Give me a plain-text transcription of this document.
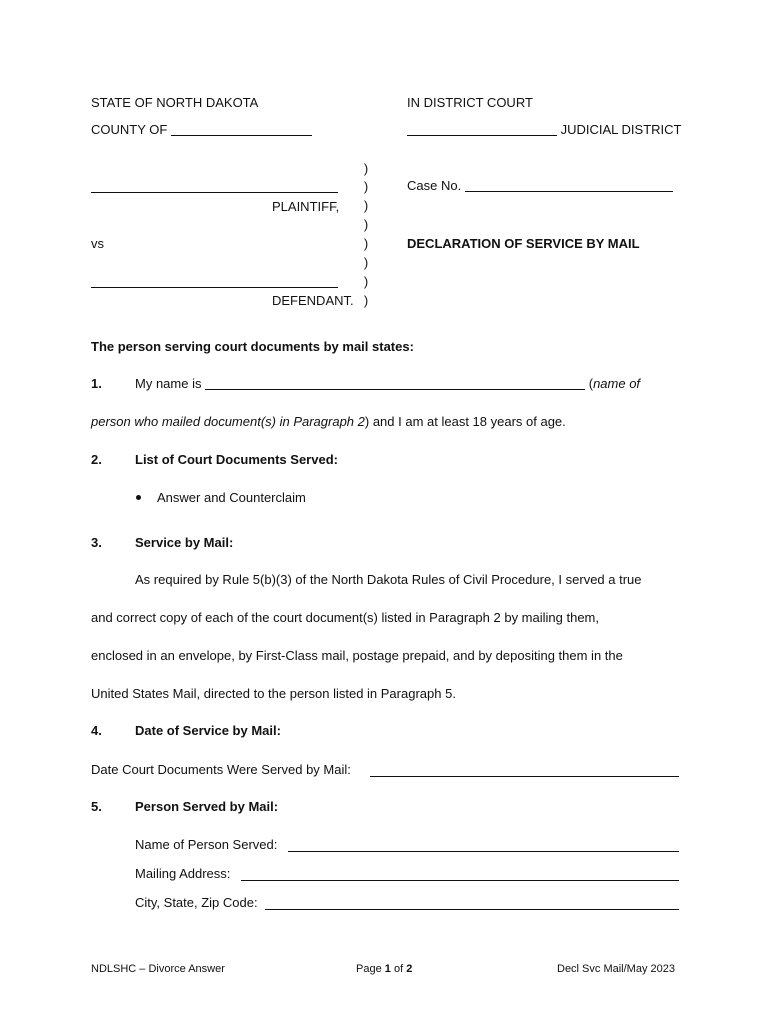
STATE OF NORTH DAKOTA	IN DISTRICT COURT
COUNTY OF	JUDICIAL DISTRICT
)
)
)
)
)
)
)
)
PLAINTIFF,
vs
DEFENDANT.
Case No.
DECLARATION OF SERVICE BY MAIL
The person serving court documents by mail states:
1.	My name is	(name of
person who mailed document(s) in Paragraph 2) and I am at least 18 years of age.
2.	List of Court Documents Served:
Answer and Counterclaim
3.	Service by Mail:
As required by Rule 5(b)(3) of the North Dakota Rules of Civil Procedure, I served a true
and correct copy of each of the court document(s) listed in Paragraph 2 by mailing them,
enclosed in an envelope, by First-Class mail, postage prepaid, and by depositing them in the
United States Mail, directed to the person listed in Paragraph 5.
4.	Date of Service by Mail:
Date Court Documents Were Served by Mail:
5.	Person Served by Mail:
Name of Person Served:
Mailing Address:
City, State, Zip Code:
NDLSHC – Divorce Answer	Page 1 of 2	Decl Svc Mail/May 2023
